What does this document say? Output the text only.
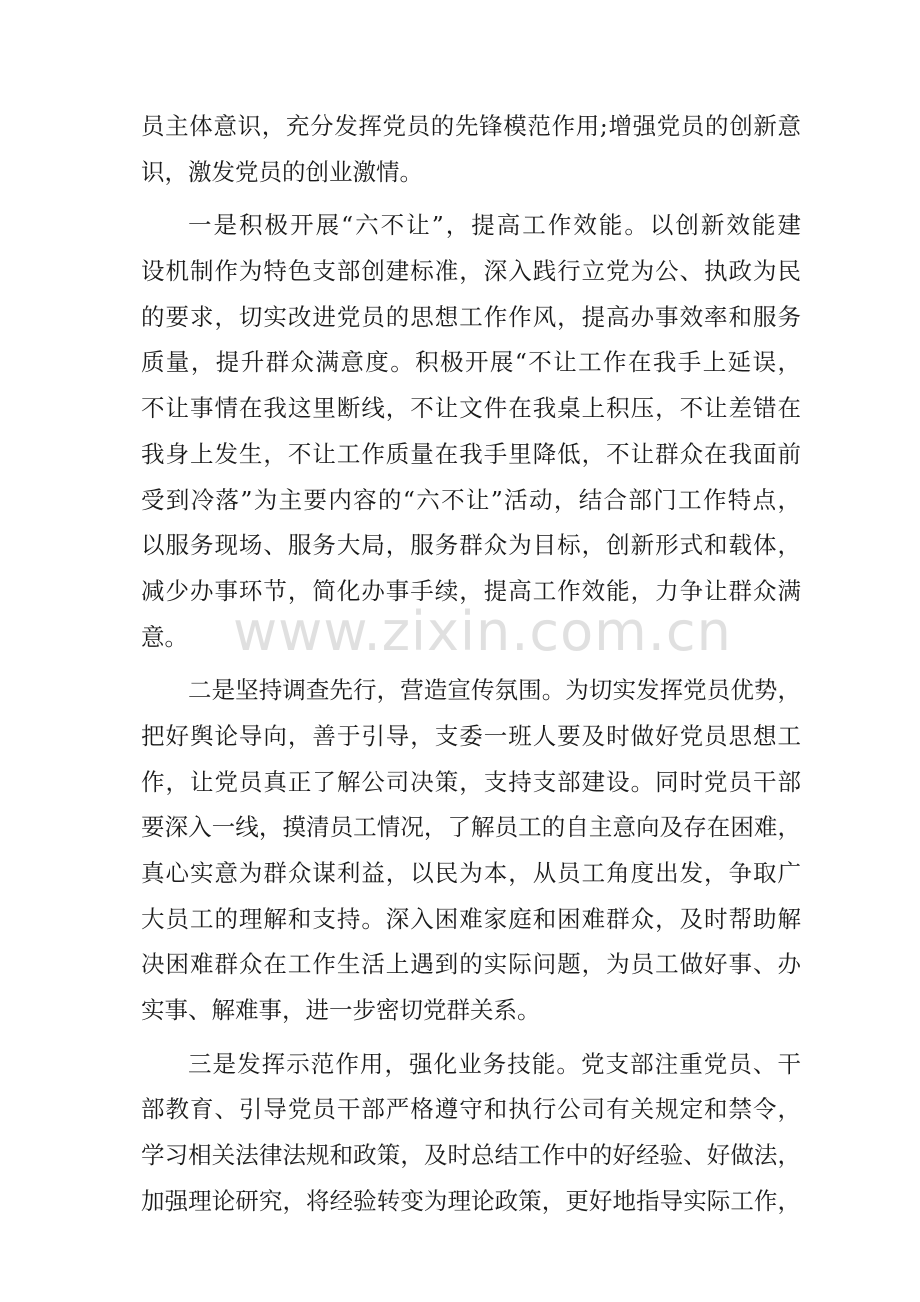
员主体意识，充分发挥党员的先锋模范作用;增强党员的创新意
识，激发党员的创业激情。
一是积极开展“六不让”，提高工作效能。以创新效能建
设机制作为特色支部创建标准，深入践行立党为公、执政为民
的要求，切实改进党员的思想工作作风，提高办事效率和服务
质量，提升群众满意度。积极开展“不让工作在我手上延误，
不让事情在我这里断线，不让文件在我桌上积压，不让差错在
我身上发生，不让工作质量在我手里降低，不让群众在我面前
受到冷落”为主要内容的“六不让”活动，结合部门工作特点，
以服务现场、服务大局，服务群众为目标，创新形式和载体，
减少办事环节，简化办事手续，提高工作效能，力争让群众满
意。
二是坚持调查先行，营造宣传氛围。为切实发挥党员优势，
把好舆论导向，善于引导，支委一班人要及时做好党员思想工
作，让党员真正了解公司决策，支持支部建设。同时党员干部
要深入一线，摸清员工情况，了解员工的自主意向及存在困难，
真心实意为群众谋利益，以民为本，从员工角度出发，争取广
大员工的理解和支持。深入困难家庭和困难群众，及时帮助解
决困难群众在工作生活上遇到的实际问题，为员工做好事、办
实事、解难事，进一步密切党群关系。
三是发挥示范作用，强化业务技能。党支部注重党员、干
部教育、引导党员干部严格遵守和执行公司有关规定和禁令，
学习相关法律法规和政策，及时总结工作中的好经验、好做法，
加强理论研究，将经验转变为理论政策，更好地指导实际工作，
www.zixin.com.cn
